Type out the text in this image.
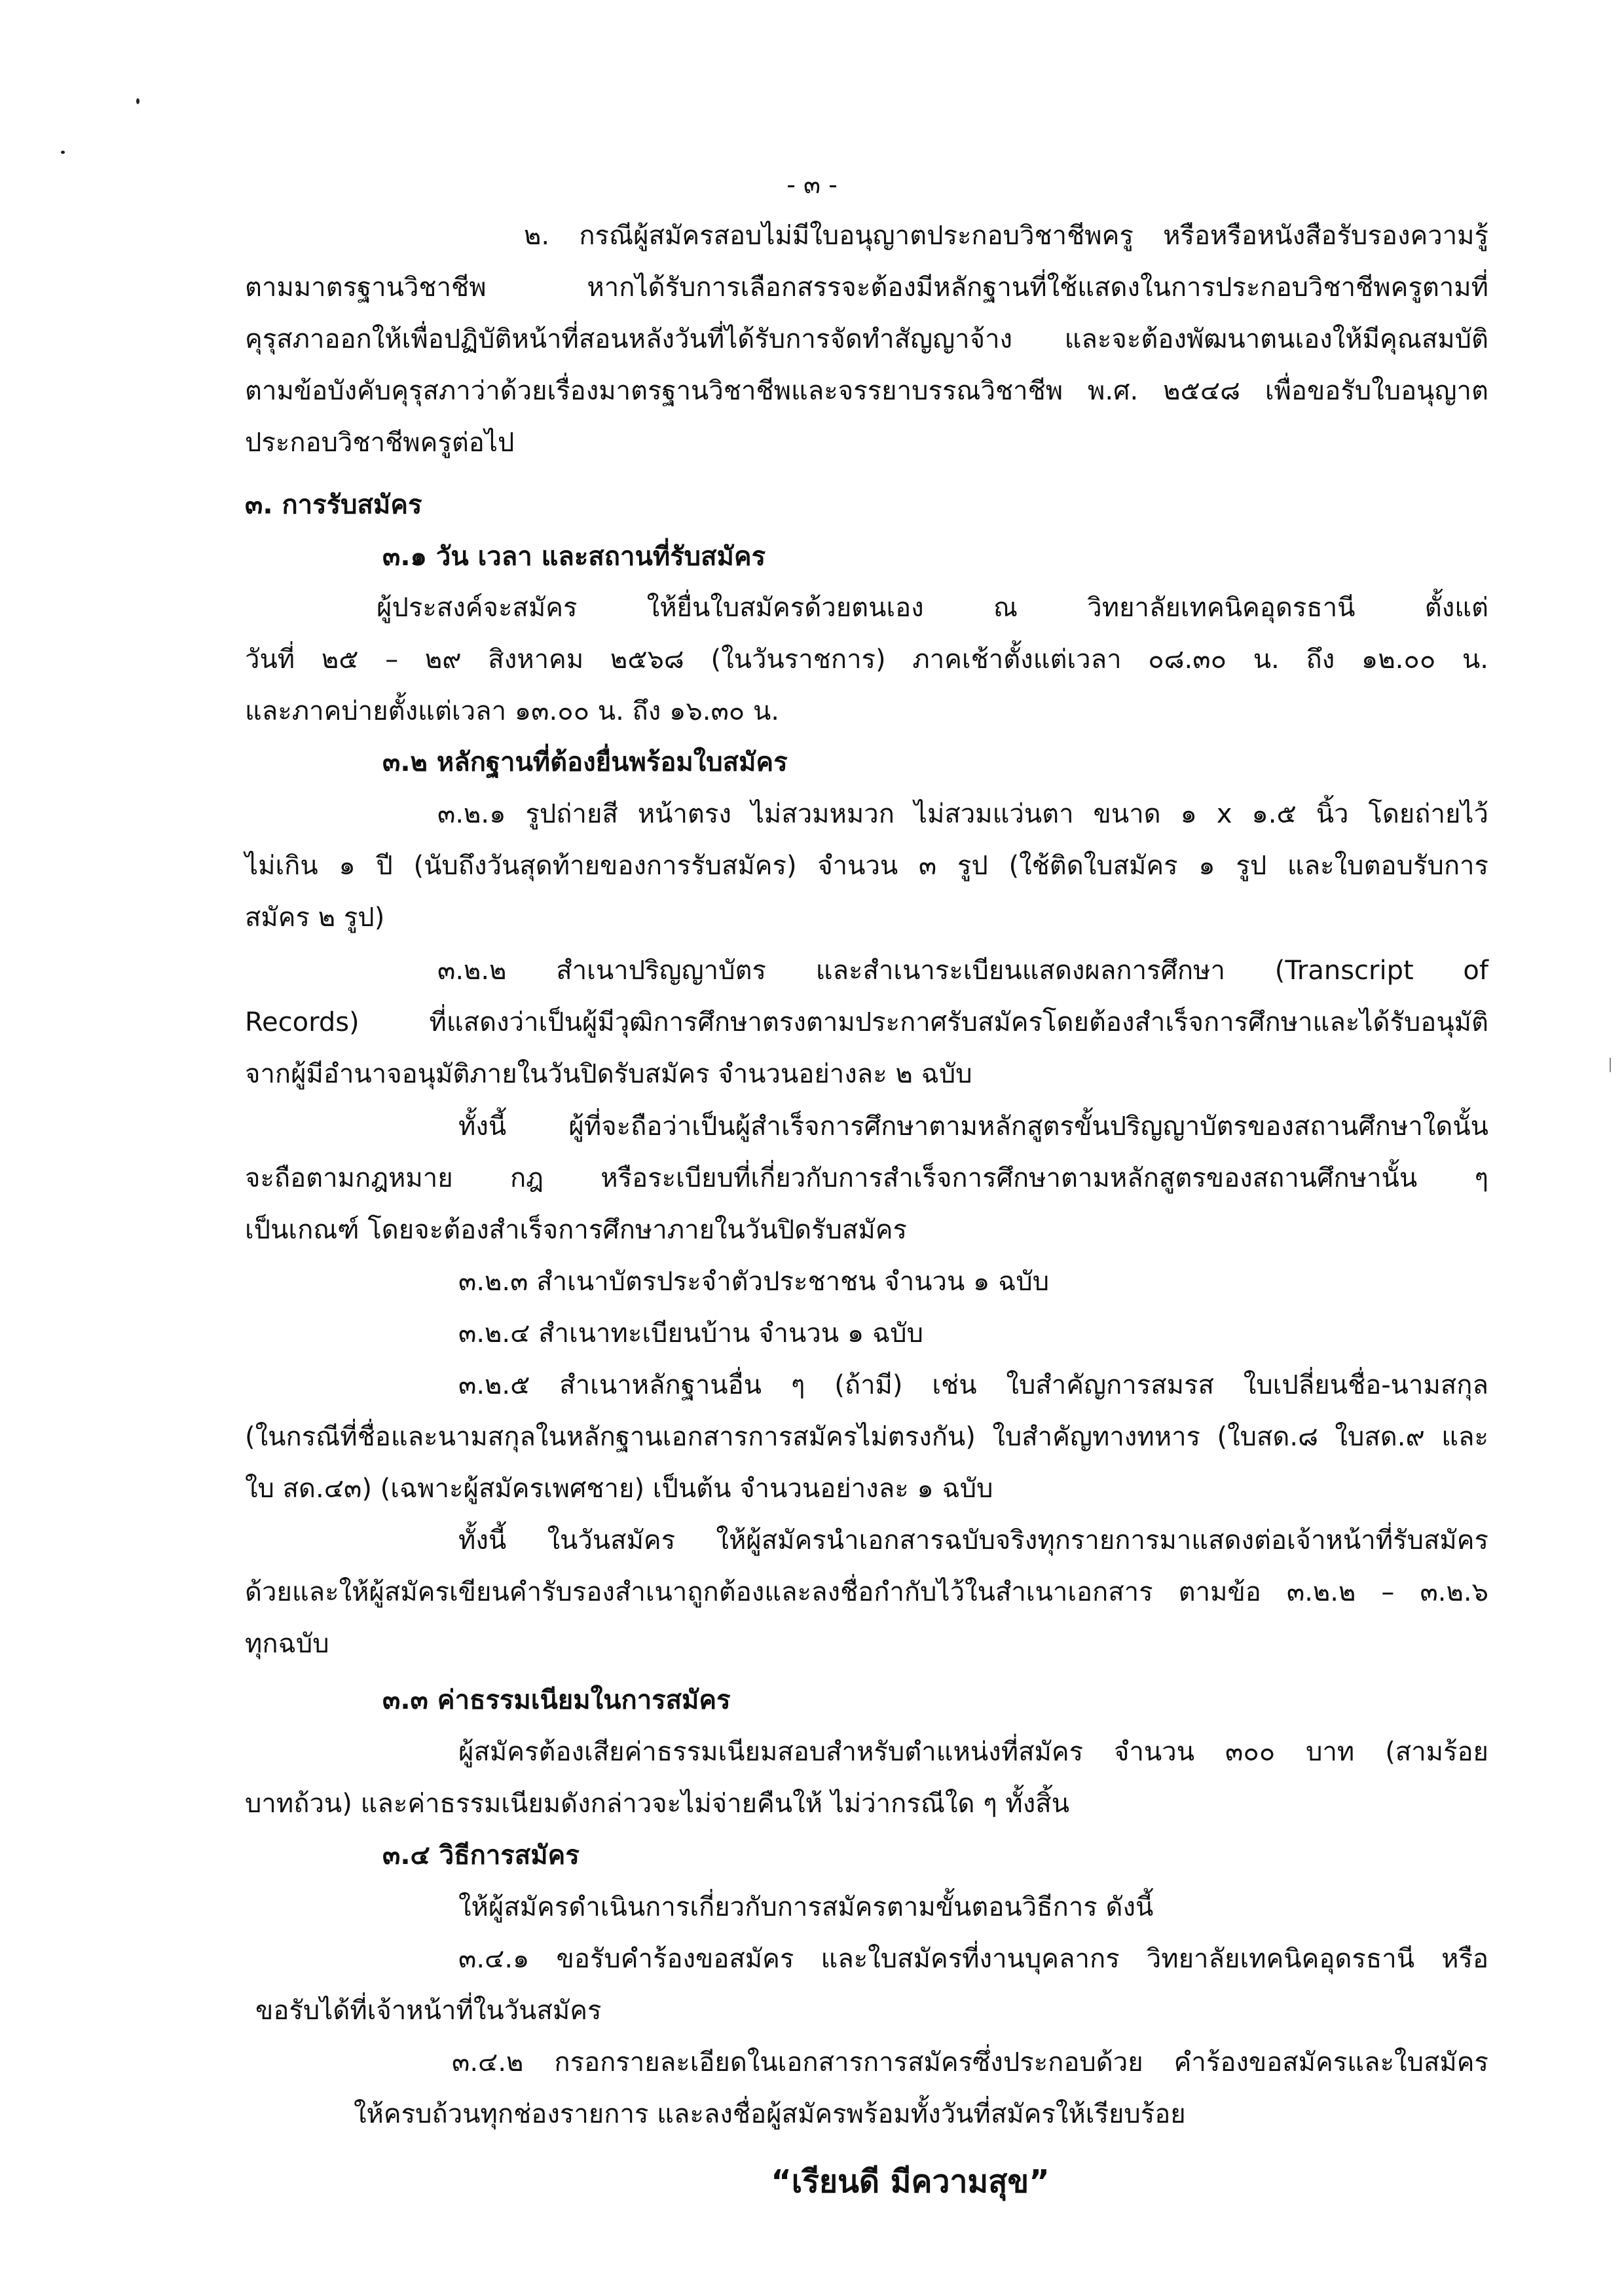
- ๓ -
๒. กรณีผู้สมัครสอบไม่มีใบอนุญาตประกอบวิชาชีพครู หรือหรือหนังสือรับรองความรู้
ตามมาตรฐานวิชาชีพ หากได้รับการเลือกสรรจะต้องมีหลักฐานที่ใช้แสดงในการประกอบวิชาชีพครูตามที่
คุรุสภาออกให้เพื่อปฏิบัติหน้าที่สอนหลังวันที่ได้รับการจัดทำสัญญาจ้าง และจะต้องพัฒนาตนเองให้มีคุณสมบัติ
ตามข้อบังคับคุรุสภาว่าด้วยเรื่องมาตรฐานวิชาชีพและจรรยาบรรณวิชาชีพ พ.ศ. ๒๕๔๘ เพื่อขอรับใบอนุญาต
ประกอบวิชาชีพครูต่อไป
๓. การรับสมัคร
๓.๑ วัน เวลา และสถานที่รับสมัคร
ผู้ประสงค์จะสมัคร ให้ยื่นใบสมัครด้วยตนเอง ณ วิทยาลัยเทคนิคอุดรธานี ตั้งแต่
วันที่ ๒๕ – ๒๙ สิงหาคม ๒๕๖๘ (ในวันราชการ) ภาคเช้าตั้งแต่เวลา ๐๘.๓๐ น. ถึง ๑๒.๐๐ น.
และภาคบ่ายตั้งแต่เวลา ๑๓.๐๐ น. ถึง ๑๖.๓๐ น.
๓.๒ หลักฐานที่ต้องยื่นพร้อมใบสมัคร
๓.๒.๑ รูปถ่ายสี หน้าตรง ไม่สวมหมวก ไม่สวมแว่นตา ขนาด ๑ x ๑.๕ นิ้ว โดยถ่ายไว้
ไม่เกิน ๑ ปี (นับถึงวันสุดท้ายของการรับสมัคร) จำนวน ๓ รูป (ใช้ติดใบสมัคร ๑ รูป และใบตอบรับการ
สมัคร ๒ รูป)
๓.๒.๒ สำเนาปริญญาบัตร และสำเนาระเบียนแสดงผลการศึกษา (Transcript of
Records) ที่แสดงว่าเป็นผู้มีวุฒิการศึกษาตรงตามประกาศรับสมัครโดยต้องสำเร็จการศึกษาและได้รับอนุมัติ
จากผู้มีอำนาจอนุมัติภายในวันปิดรับสมัคร จำนวนอย่างละ ๒ ฉบับ
ทั้งนี้ ผู้ที่จะถือว่าเป็นผู้สำเร็จการศึกษาตามหลักสูตรขั้นปริญญาบัตรของสถานศึกษาใดนั้น
จะถือตามกฎหมาย กฎ หรือระเบียบที่เกี่ยวกับการสำเร็จการศึกษาตามหลักสูตรของสถานศึกษานั้น ๆ
เป็นเกณฑ์ โดยจะต้องสำเร็จการศึกษาภายในวันปิดรับสมัคร
๓.๒.๓ สำเนาบัตรประจำตัวประชาชน จำนวน ๑ ฉบับ
๓.๒.๔ สำเนาทะเบียนบ้าน จำนวน ๑ ฉบับ
๓.๒.๕ สำเนาหลักฐานอื่น ๆ (ถ้ามี) เช่น ใบสำคัญการสมรส ใบเปลี่ยนชื่อ-นามสกุล
(ในกรณีที่ชื่อและนามสกุลในหลักฐานเอกสารการสมัครไม่ตรงกัน) ใบสำคัญทางทหาร (ใบสด.๘ ใบสด.๙ และ
ใบ สด.๔๓) (เฉพาะผู้สมัครเพศชาย) เป็นต้น จำนวนอย่างละ ๑ ฉบับ
ทั้งนี้ ในวันสมัคร ให้ผู้สมัครนำเอกสารฉบับจริงทุกรายการมาแสดงต่อเจ้าหน้าที่รับสมัคร
ด้วยและให้ผู้สมัครเขียนคำรับรองสำเนาถูกต้องและลงชื่อกำกับไว้ในสำเนาเอกสาร ตามข้อ ๓.๒.๒ – ๓.๒.๖
ทุกฉบับ
๓.๓ ค่าธรรมเนียมในการสมัคร
ผู้สมัครต้องเสียค่าธรรมเนียมสอบสำหรับตำแหน่งที่สมัคร จำนวน ๓๐๐ บาท (สามร้อย
บาทถ้วน) และค่าธรรมเนียมดังกล่าวจะไม่จ่ายคืนให้ ไม่ว่ากรณีใด ๆ ทั้งสิ้น
๓.๔ วิธีการสมัคร
ให้ผู้สมัครดำเนินการเกี่ยวกับการสมัครตามขั้นตอนวิธีการ ดังนี้
๓.๔.๑ ขอรับคำร้องขอสมัคร และใบสมัครที่งานบุคลากร วิทยาลัยเทคนิคอุดรธานี หรือ
ขอรับได้ที่เจ้าหน้าที่ในวันสมัคร
๓.๔.๒ กรอกรายละเอียดในเอกสารการสมัครซึ่งประกอบด้วย คำร้องขอสมัครและใบสมัคร
ให้ครบถ้วนทุกช่องรายการ และลงชื่อผู้สมัครพร้อมทั้งวันที่สมัครให้เรียบร้อย
“เรียนดี มีความสุข”
